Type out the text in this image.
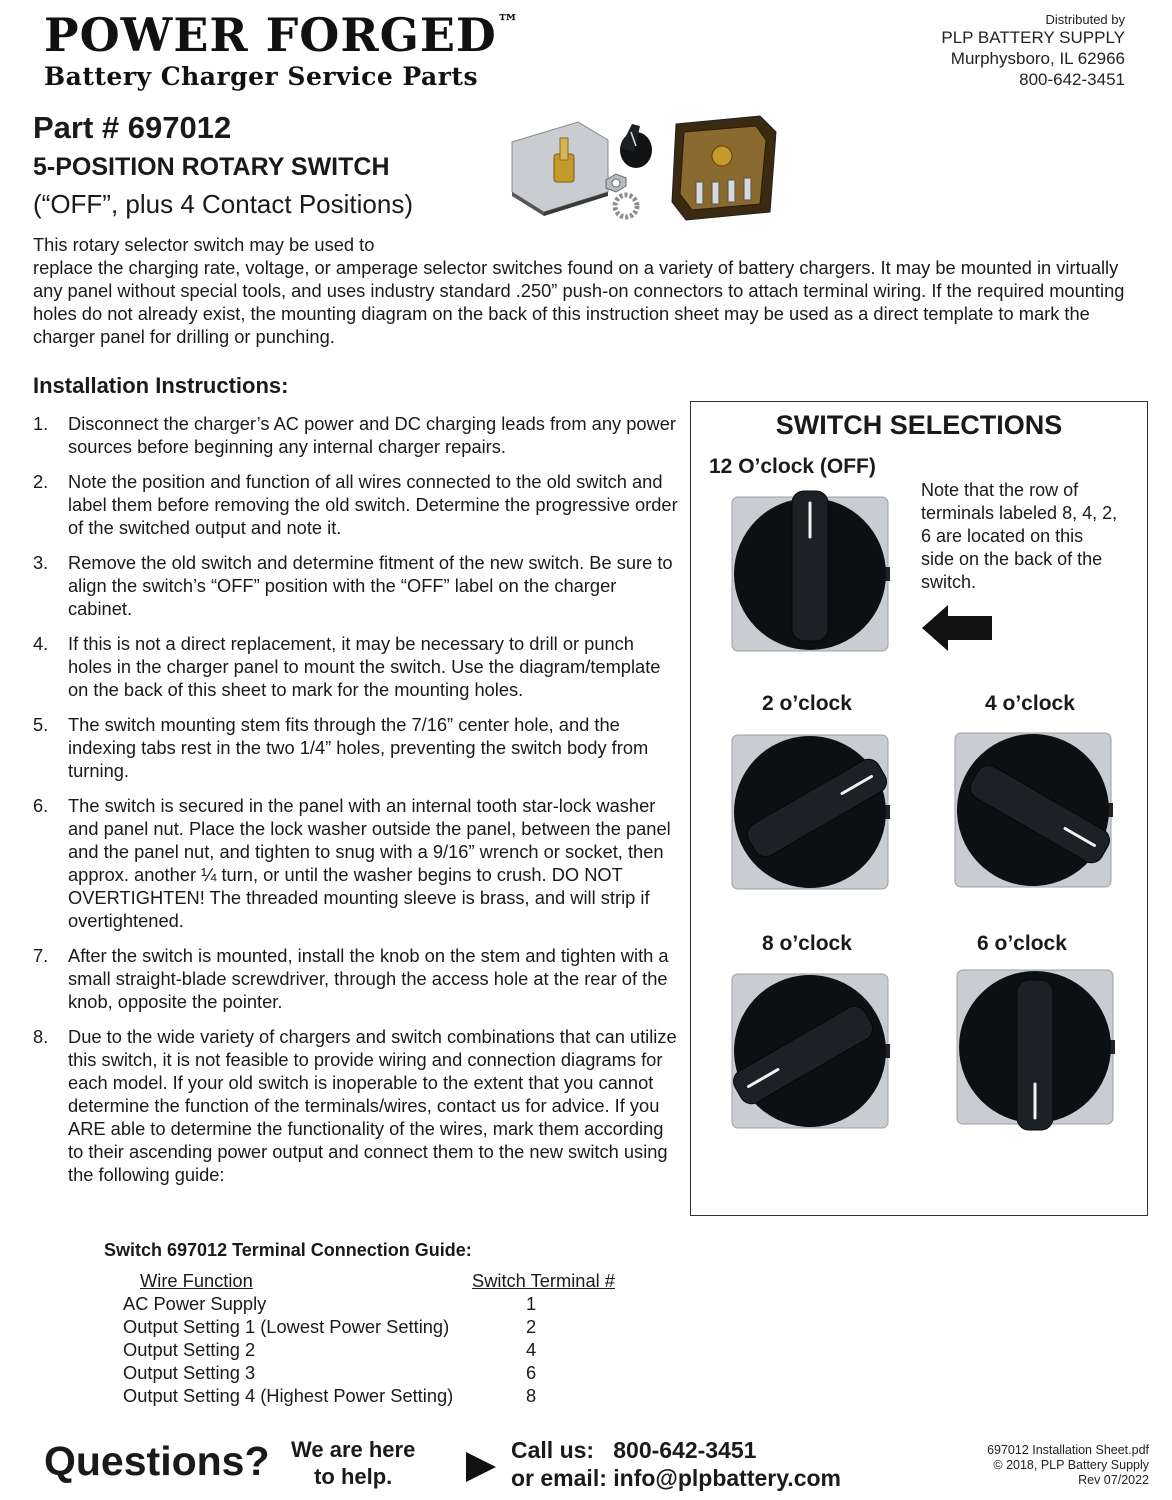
POWER FORGED™
Battery Charger Service Parts
Distributed by
PLP BATTERY SUPPLY
Murphysboro, IL 62966
800-642-3451
Part # 697012
5-POSITION ROTARY SWITCH
(“OFF”, plus 4 Contact Positions)
This rotary selector switch may be used to
replace the charging rate, voltage, or amperage selector switches found on a variety of battery chargers. It may be mounted in virtually any panel without special tools, and uses industry standard .250” push-on connectors to attach terminal wiring. If the required mounting holes do not already exist, the mounting diagram on the back of this instruction sheet may be used as a direct template to mark the charger panel for drilling or punching.
Installation Instructions:
1. Disconnect the charger’s AC power and DC charging leads from any power sources before beginning any internal charger repairs.
2. Note the position and function of all wires connected to the old switch and label them before removing the old switch. Determine the progressive order of the switched output and note it.
3. Remove the old switch and determine fitment of the new switch. Be sure to align the switch’s “OFF” position with the “OFF” label on the charger cabinet.
4. If this is not a direct replacement, it may be necessary to drill or punch holes in the charger panel to mount the switch. Use the diagram/template on the back of this sheet to mark for the mounting holes.
5. The switch mounting stem fits through the 7/16” center hole, and the indexing tabs rest in the two 1/4” holes, preventing the switch body from turning.
6. The switch is secured in the panel with an internal tooth star-lock washer and panel nut. Place the lock washer outside the panel, between the panel and the panel nut, and tighten to snug with a 9/16” wrench or socket, then approx. another ¼ turn, or until the washer begins to crush. DO NOT OVERTIGHTEN! The threaded mounting sleeve is brass, and will strip if overtightened.
7. After the switch is mounted, install the knob on the stem and tighten with a small straight-blade screwdriver, through the access hole at the rear of the knob, opposite the pointer.
8. Due to the wide variety of chargers and switch combinations that can utilize this switch, it is not feasible to provide wiring and connection diagrams for each model. If your old switch is inoperable to the extent that you cannot determine the function of the terminals/wires, contact us for advice. If you ARE able to determine the functionality of the wires, mark them according to their ascending power output and connect them to the new switch using the following guide:
Switch 697012 Terminal Connection Guide:
Wire Function	Switch Terminal #
AC Power Supply	1
Output Setting 1 (Lowest Power Setting)	2
Output Setting 2	4
Output Setting 3	6
Output Setting 4 (Highest Power Setting)	8
SWITCH SELECTIONS
12 O’clock (OFF)
Note that the row of terminals labeled 8, 4, 2, 6 are located on this side on the back of the switch.
2 o’clock	4 o’clock
8 o’clock	6 o’clock
Questions? We are here
to help.
Call us:   800-642-3451
or email: info@plpbattery.com
697012 Installation Sheet.pdf
© 2018, PLP Battery Supply
Rev 07/2022
